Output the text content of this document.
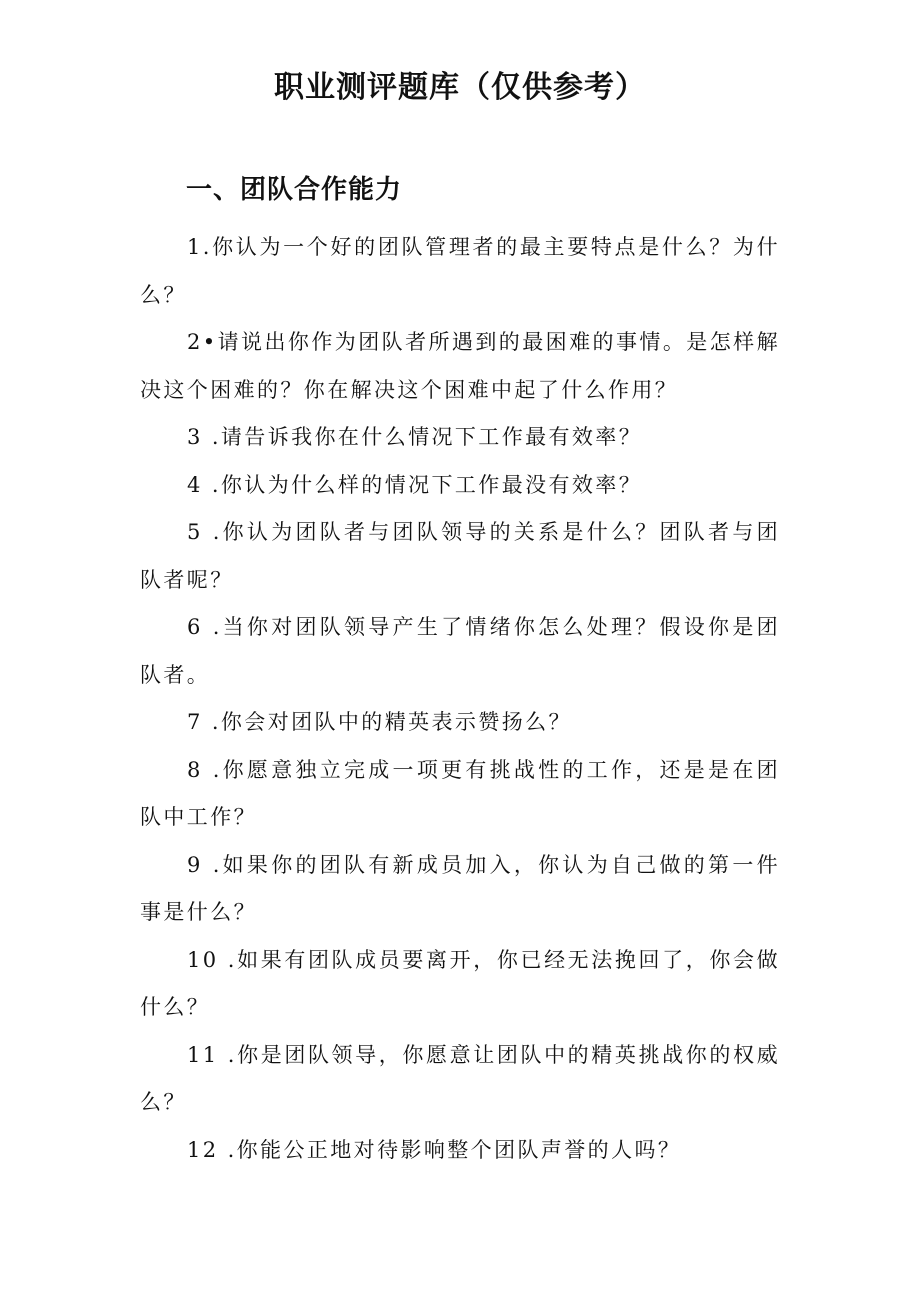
职业测评题库（仅供参考）
一、团队合作能力
1.你认为一个好的团队管理者的最主要特点是什么？为什么？
2•请说出你作为团队者所遇到的最困难的事情。是怎样解决这个困难的？你在解决这个困难中起了什么作用？
3 .请告诉我你在什么情况下工作最有效率？
4 .你认为什么样的情况下工作最没有效率？
5 .你认为团队者与团队领导的关系是什么？团队者与团队者呢？
6 .当你对团队领导产生了情绪你怎么处理？假设你是团队者。
7 .你会对团队中的精英表示赞扬么？
8 .你愿意独立完成一项更有挑战性的工作，还是是在团队中工作？
9 .如果你的团队有新成员加入，你认为自己做的第一件事是什么？
10 .如果有团队成员要离开，你已经无法挽回了，你会做什么？
11 .你是团队领导，你愿意让团队中的精英挑战你的权威么？
12 .你能公正地对待影响整个团队声誉的人吗？
